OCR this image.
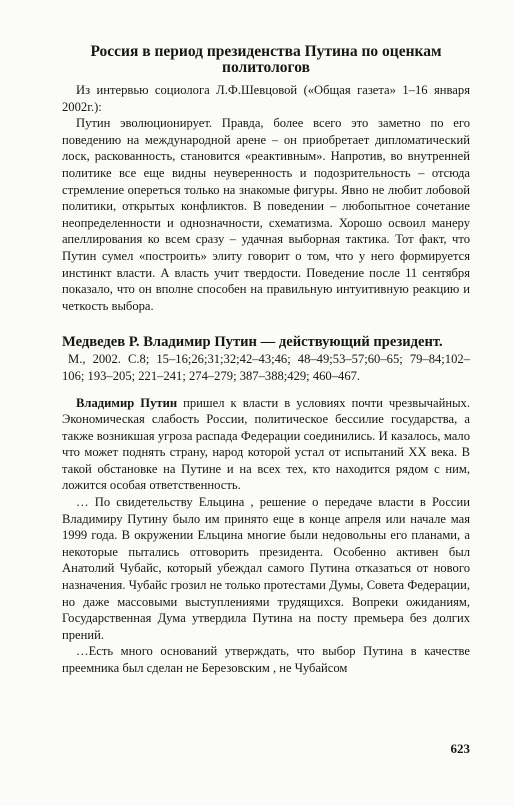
Россия в период президенства Путина по оценкам политологов

Из интервью социолога Л.Ф.Шевцовой («Общая газета» 1–16 января 2002г.):

Путин эволюционирует. Правда, более всего это заметно по его поведению на международной арене – он приобретает дипломатический лоск, раскованность, становится «реактивным». Напротив, во внутренней политике все еще видны неуверенность и подозрительность – отсюда стремление опереться только на знакомые фигуры. Явно не любит лобовой политики, открытых конфликтов. В поведении – любопытное сочетание неопределенности и однозначности, схематизма. Хорошо освоил манеру апеллирования ко всем сразу – удачная выборная тактика. Тот факт, что Путин сумел «построить» элиту говорит о том, что у него формируется инстинкт власти. А власть учит твердости. Поведение после 11 сентября показало, что он вполне способен на правильную интуитивную реакцию и четкость выбора.

Медведев Р. Владимир Путин — действующий президент.

М., 2002. С.8; 15–16;26;31;32;42–43;46; 48–49;53–57;60–65; 79–84;102–106; 193–205; 221–241; 274–279; 387–388;429; 460–467.

Владимир Путин пришел к власти в условиях почти чрезвычайных. Экономическая слабость России, политическое бессилие государства, а также возникшая угроза распада Федерации соединились. И казалось, мало что может поднять страну, народ которой устал от испытаний XX века. В такой обстановке на Путине и на всех тех, кто находится рядом с ним, ложится особая ответственность.

… По свидетельству Ельцина , решение о передаче власти в России Владимиру Путину было им принято еще в конце апреля или начале мая 1999 года. В окружении Ельцина многие были недовольны его планами, а некоторые пытались отговорить президента. Особенно активен был Анатолий Чубайс, который убеждал самого Путина отказаться от нового назначения. Чубайс грозил не только протестами Думы, Совета Федерации, но даже массовыми выступлениями трудящихся. Вопреки ожиданиям, Государственная Дума утвердила Путина на посту премьера без долгих прений.

…Есть много оснований утверждать, что выбор Путина в качестве преемника был сделан не Березовским , не Чубайсом

623
